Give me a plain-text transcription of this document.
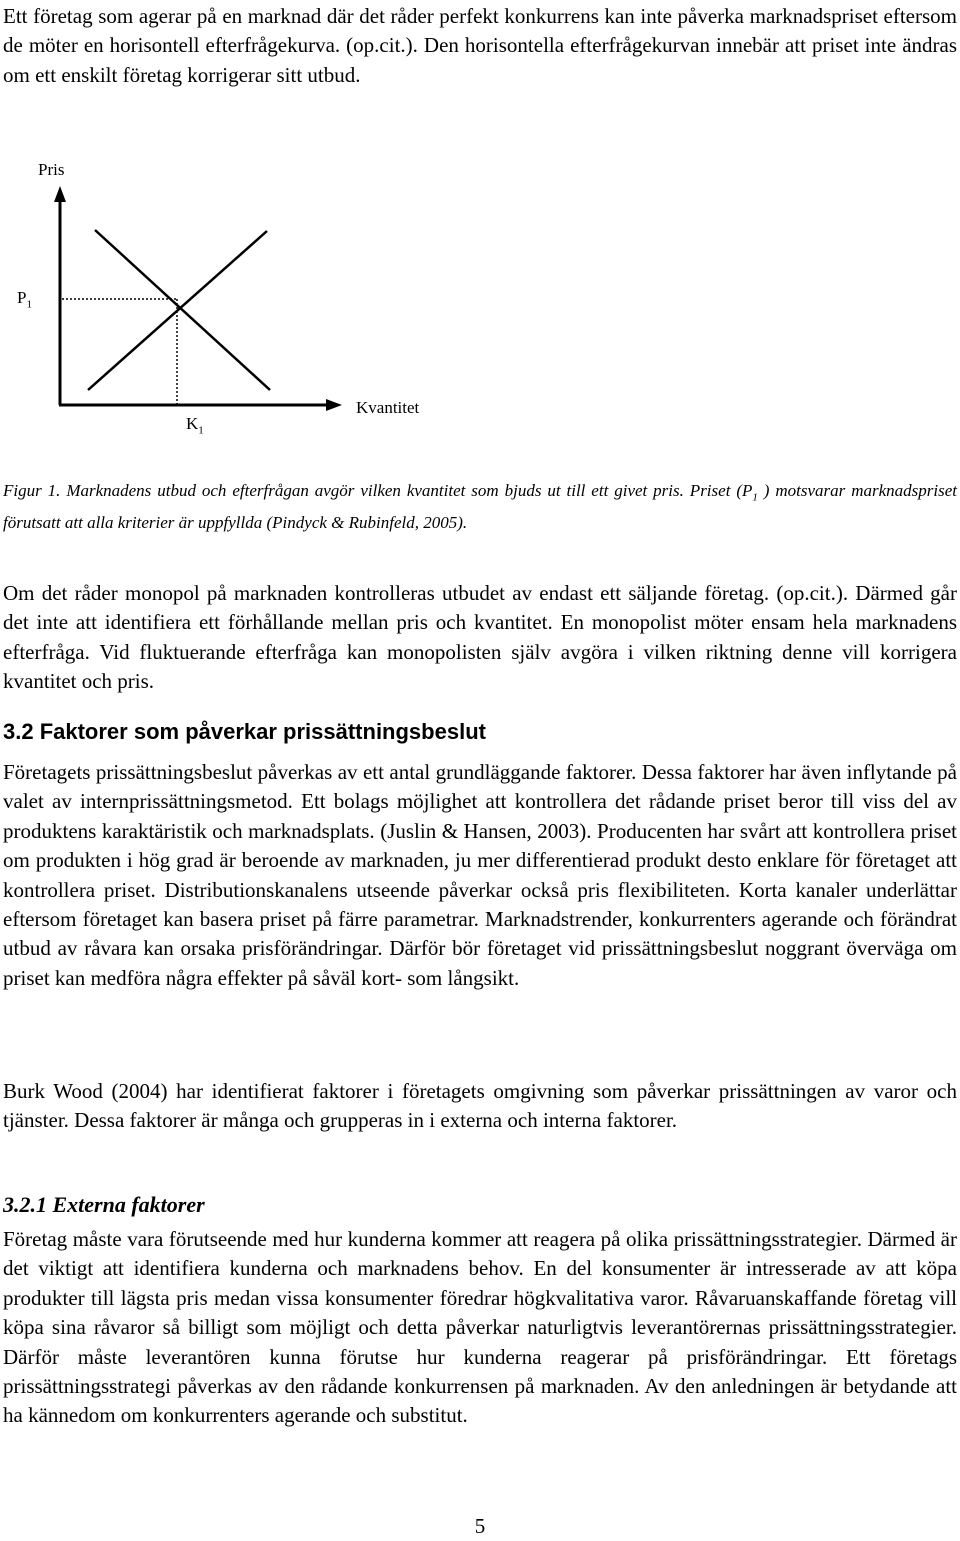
Ett företag som agerar på en marknad där det råder perfekt konkurrens kan inte påverka marknadspriset eftersom de möter en horisontell efterfrågekurva. (op.cit.). Den horisontella efterfrågekurvan innebär att priset inte ändras om ett enskilt företag korrigerar sitt utbud.

Pris
$P_1$
Kvantitet
$K_1$

Figur 1. Marknadens utbud och efterfrågan avgör vilken kvantitet som bjuds ut till ett givet pris. Priset ($P_1$ ) motsvarar marknadspriset förutsatt att alla kriterier är uppfyllda (Pindyck & Rubinfeld, 2005).

Om det råder monopol på marknaden kontrolleras utbudet av endast ett säljande företag. (op.cit.). Därmed går det inte att identifiera ett förhållande mellan pris och kvantitet. En monopolist möter ensam hela marknadens efterfråga. Vid fluktuerande efterfråga kan monopolisten själv avgöra i vilken riktning denne vill korrigera kvantitet och pris.

3.2 Faktorer som påverkar prissättningsbeslut

Företagets prissättningsbeslut påverkas av ett antal grundläggande faktorer. Dessa faktorer har även inflytande på valet av internprissättningsmetod. Ett bolags möjlighet att kontrollera det rådande priset beror till viss del av produktens karaktäristik och marknadsplats. (Juslin & Hansen, 2003). Producenten har svårt att kontrollera priset om produkten i hög grad är beroende av marknaden, ju mer differentierad produkt desto enklare för företaget att kontrollera priset. Distributionskanalens utseende påverkar också pris flexibiliteten. Korta kanaler underlättar eftersom företaget kan basera priset på färre parametrar. Marknadstrender, konkurrenters agerande och förändrat utbud av råvara kan orsaka prisförändringar. Därför bör företaget vid prissättningsbeslut noggrant överväga om priset kan medföra några effekter på såväl kort- som långsikt.

Burk Wood (2004) har identifierat faktorer i företagets omgivning som påverkar prissättningen av varor och tjänster. Dessa faktorer är många och grupperas in i externa och interna faktorer.

3.2.1 Externa faktorer

Företag måste vara förutseende med hur kunderna kommer att reagera på olika prissättningsstrategier. Därmed är det viktigt att identifiera kunderna och marknadens behov. En del konsumenter är intresserade av att köpa produkter till lägsta pris medan vissa konsumenter föredrar högkvalitativa varor. Råvaruanskaffande företag vill köpa sina råvaror så billigt som möjligt och detta påverkar naturligtvis leverantörernas prissättningsstrategier. Därför måste leverantören kunna förutse hur kunderna reagerar på prisförändringar. Ett företags prissättningsstrategi påverkas av den rådande konkurrensen på marknaden. Av den anledningen är betydande att ha kännedom om konkurrenters agerande och substitut.

5
